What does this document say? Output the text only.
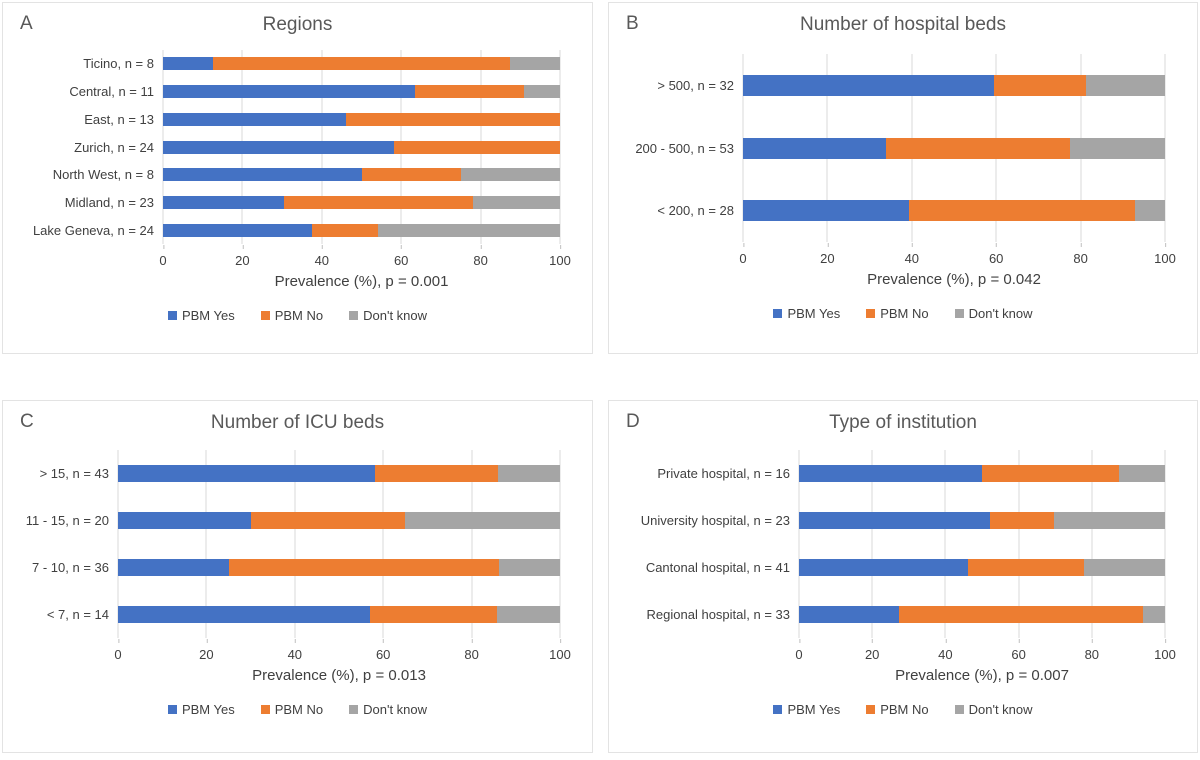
A	Regions
Ticino, n = 8
Central, n = 11
East, n = 13
Zurich, n = 24
North West, n = 8
Midland, n = 23
Lake Geneva, n = 24
0	20	40	60	80	100
Prevalence (%), p = 0.001
PBM Yes	PBM No	Don't know
B	Number of hospital beds
> 500, n = 32
200 - 500, n = 53
< 200, n = 28
0	20	40	60	80	100
Prevalence (%), p = 0.042
PBM Yes	PBM No	Don't know
C	Number of ICU beds
> 15, n = 43
11 - 15, n = 20
7 - 10, n = 36
< 7, n = 14
0	20	40	60	80	100
Prevalence (%), p = 0.013
PBM Yes	PBM No	Don't know
D	Type of institution
Private hospital, n = 16
University hospital, n = 23
Cantonal hospital, n = 41
Regional hospital, n = 33
0	20	40	60	80	100
Prevalence (%), p = 0.007
PBM Yes	PBM No	Don't know
